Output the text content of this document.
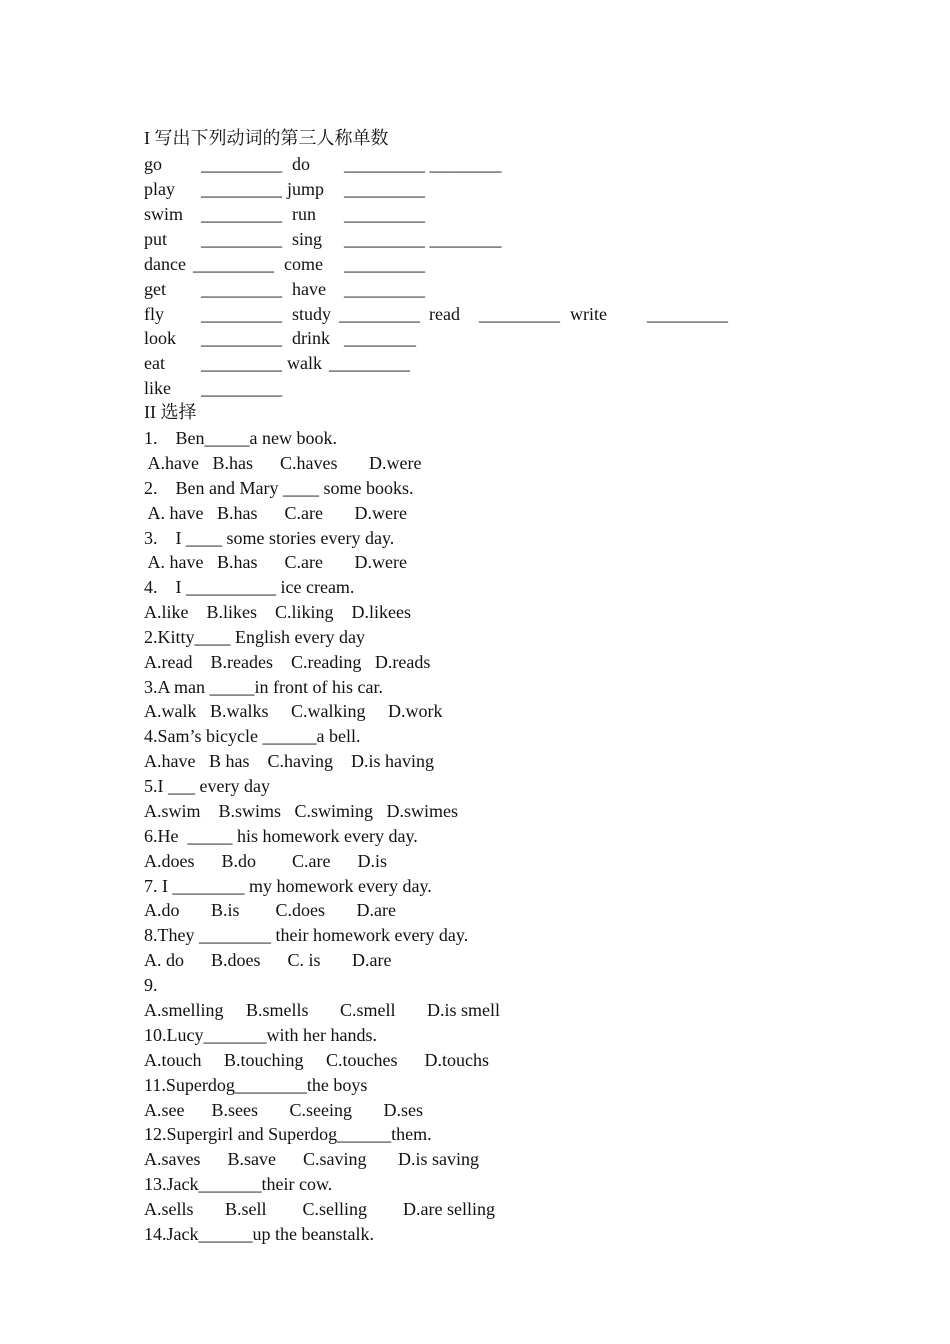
I 写出下列动词的第三人称单数
go _________ do _________ ________
play _________ jump _________
swim _________ run _________
put _________ sing _________ ________
dance _________ come _________
get _________ have _________
fly _________ study _________ read _________ write _________
look _________ drink ________
eat _________ walk _________
like _________
II 选择
1.    Ben_____a new book.
A.have   B.has      C.haves       D.were
2.    Ben and Mary ____ some books.
A. have   B.has      C.are       D.were
3.    I ____ some stories every day.
A. have   B.has      C.are       D.were
4.    I __________ ice cream.
A.like    B.likes    C.liking    D.likees
2.Kitty____ English every day
A.read    B.reades    C.reading   D.reads
3.A man _____in front of his car.
A.walk   B.walks     C.walking     D.work
4.Sam’s bicycle ______a bell.
A.have   B has    C.having    D.is having
5.I ___ every day
A.swim    B.swims   C.swiming   D.swimes
6.He  _____ his homework every day.
A.does      B.do        C.are      D.is
7. I ________ my homework every day.
A.do       B.is        C.does       D.are
8.They ________ their homework every day.
A. do      B.does      C. is       D.are
9.
A.smelling     B.smells       C.smell       D.is smell
10.Lucy_______with her hands.
A.touch     B.touching     C.touches      D.touchs
11.Superdog________the boys
A.see      B.sees       C.seeing       D.ses
12.Supergirl and Superdog______them.
A.saves      B.save      C.saving       D.is saving
13.Jack_______their cow.
A.sells       B.sell        C.selling        D.are selling
14.Jack______up the beanstalk.
